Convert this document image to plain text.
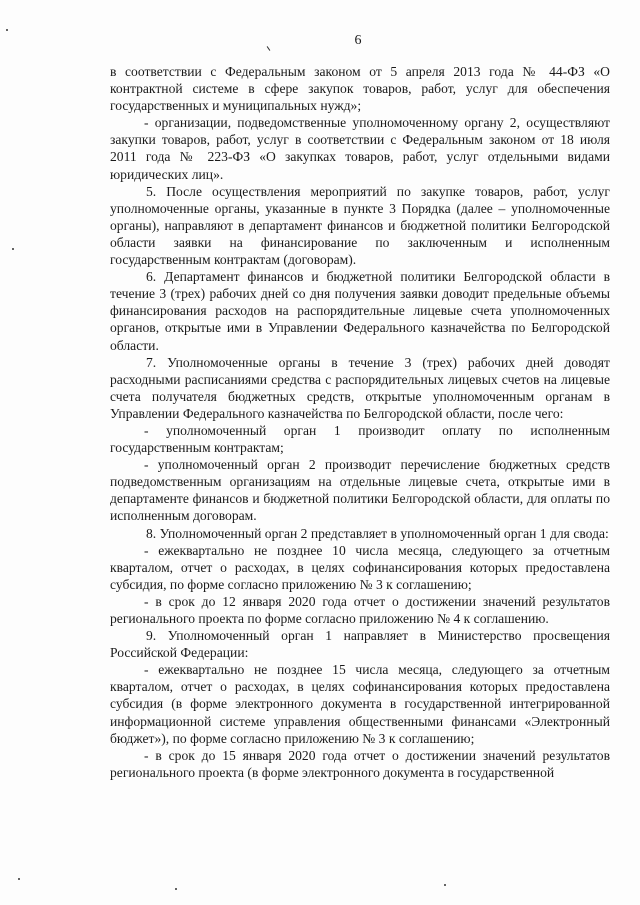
6

в соответствии с Федеральным законом от 5 апреля 2013 года № 44-ФЗ «О контрактной системе в сфере закупок товаров, работ, услуг для обеспечения государственных и муниципальных нужд»;

- организации, подведомственные уполномоченному органу 2, осуществляют закупки товаров, работ, услуг в соответствии с Федеральным законом от 18 июля 2011 года № 223-ФЗ «О закупках товаров, работ, услуг отдельными видами юридических лиц».

5. После осуществления мероприятий по закупке товаров, работ, услуг уполномоченные органы, указанные в пункте 3 Порядка (далее – уполномоченные органы), направляют в департамент финансов и бюджетной политики Белгородской области заявки на финансирование по заключенным и исполненным государственным контрактам (договорам).

6. Департамент финансов и бюджетной политики Белгородской области в течение 3 (трех) рабочих дней со дня получения заявки доводит предельные объемы финансирования расходов на распорядительные лицевые счета уполномоченных органов, открытые ими в Управлении Федерального казначейства по Белгородской области.

7. Уполномоченные органы в течение 3 (трех) рабочих дней доводят расходными расписаниями средства с распорядительных лицевых счетов на лицевые счета получателя бюджетных средств, открытые уполномоченным органам в Управлении Федерального казначейства по Белгородской области, после чего:

- уполномоченный орган 1 производит оплату по исполненным государственным контрактам;

- уполномоченный орган 2 производит перечисление бюджетных средств подведомственным организациям на отдельные лицевые счета, открытые ими в департаменте финансов и бюджетной политики Белгородской области, для оплаты по исполненным договорам.

8. Уполномоченный орган 2 представляет в уполномоченный орган 1 для свода:

- ежеквартально не позднее 10 числа месяца, следующего за отчетным кварталом, отчет о расходах, в целях софинансирования которых предоставлена субсидия, по форме согласно приложению № 3 к соглашению;

- в срок до 12 января 2020 года отчет о достижении значений результатов регионального проекта по форме согласно приложению № 4 к соглашению.

9. Уполномоченный орган 1 направляет в Министерство просвещения Российской Федерации:

- ежеквартально не позднее 15 числа месяца, следующего за отчетным кварталом, отчет о расходах, в целях софинансирования которых предоставлена субсидия (в форме электронного документа в государственной интегрированной информационной системе управления общественными финансами «Электронный бюджет»), по форме согласно приложению № 3 к соглашению;

- в срок до 15 января 2020 года отчет о достижении значений результатов регионального проекта (в форме электронного документа в государственной
